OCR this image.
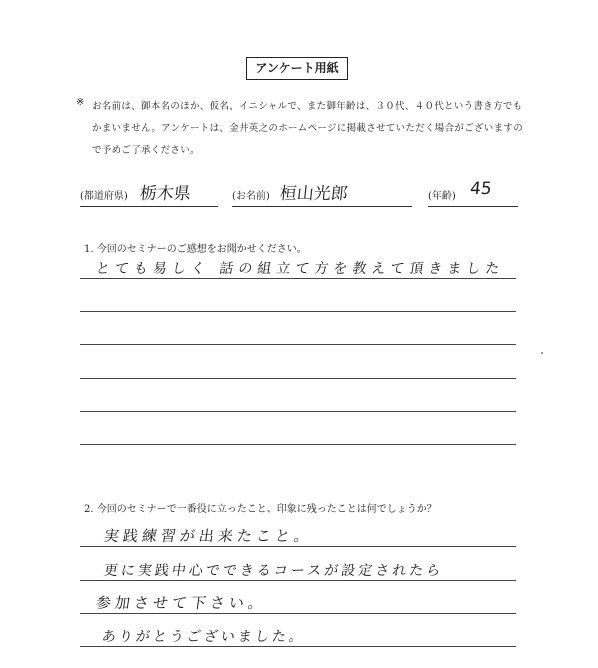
アンケート用紙
※ お名前は、御本名のほか、仮名、イニシャルで、また御年齢は、３０代、４０代という書き方でもかまいません。アンケートは、金井英之のホームページに掲載させていただく場合がございますので予めご了承ください。
(都道府県) 栃木県	(お名前) 桓山光郎	(年齢) 45
1. 今回のセミナーのご感想をお聞かせください。
とても易しく 話の組立て方を教えて頂きました
2. 今回のセミナーで一番役に立ったこと、印象に残ったことは何でしょうか？
実践練習が出来たこと。
更に実践中心でできるコースが設定されたら
参加させて下さい。
ありがとうございました。
